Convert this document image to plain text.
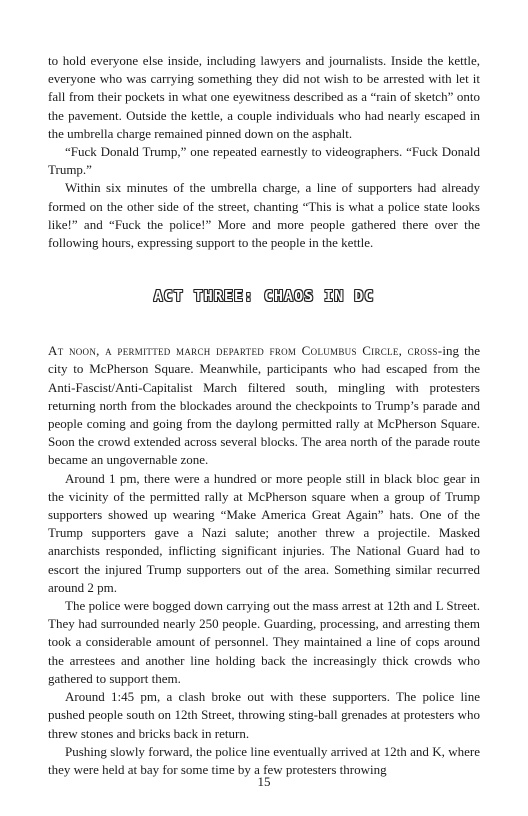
to hold everyone else inside, including lawyers and journalists. Inside the kettle, everyone who was carrying something they did not wish to be arrested with let it fall from their pockets in what one eyewitness described as a “rain of sketch” onto the pavement. Outside the kettle, a couple individuals who had nearly escaped in the umbrella charge remained pinned down on the asphalt.

“Fuck Donald Trump,” one repeated earnestly to videographers. “Fuck Donald Trump.”

Within six minutes of the umbrella charge, a line of supporters had already formed on the other side of the street, chanting “This is what a police state looks like!” and “Fuck the police!” More and more people gathered there over the following hours, expressing support to the people in the kettle.

ACT THREE: CHAOS IN DC

At noon, a permitted march departed from Columbus Circle, cross-ing the city to McPherson Square. Meanwhile, participants who had escaped from the Anti-Fascist/Anti-Capitalist March filtered south, mingling with protesters returning north from the blockades around the checkpoints to Trump’s parade and people coming and going from the daylong permitted rally at McPherson Square. Soon the crowd extended across several blocks. The area north of the parade route became an ungovernable zone.

Around 1 pm, there were a hundred or more people still in black bloc gear in the vicinity of the permitted rally at McPherson square when a group of Trump supporters showed up wearing “Make America Great Again” hats. One of the Trump supporters gave a Nazi salute; another threw a projectile. Masked anarchists responded, inflicting significant injuries. The National Guard had to escort the injured Trump supporters out of the area. Something similar recurred around 2 pm.

The police were bogged down carrying out the mass arrest at 12th and L Street. They had surrounded nearly 250 people. Guarding, processing, and arresting them took a considerable amount of personnel. They maintained a line of cops around the arrestees and another line holding back the increasingly thick crowds who gathered to support them.

Around 1:45 pm, a clash broke out with these supporters. The police line pushed people south on 12th Street, throwing sting-ball grenades at protesters who threw stones and bricks back in return.

Pushing slowly forward, the police line eventually arrived at 12th and K, where they were held at bay for some time by a few protesters throwing

15
